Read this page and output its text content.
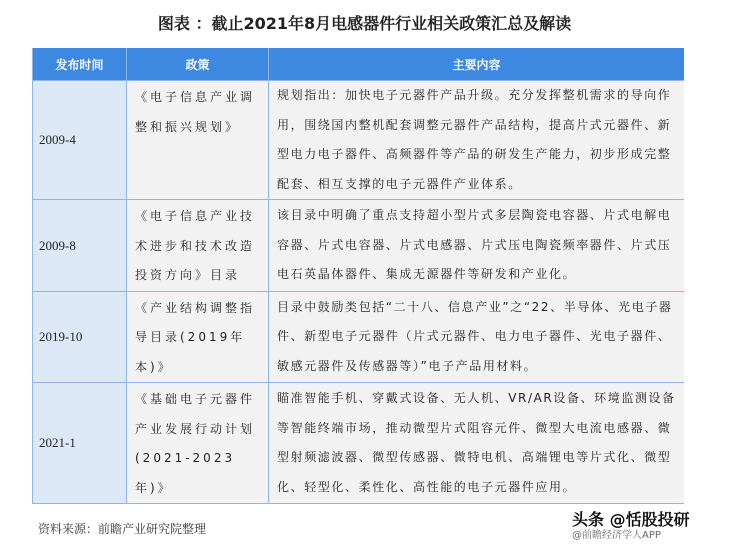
图表 ：截止2021年8月电感器件行业相关政策汇总及解读
发布时间	政策	主要内容
2009-4	《电子信息产业调整和振兴规划》	规划指出：加快电子元器件产品升级。充分发挥整机需求的导向作用，围绕国内整机配套调整元器件产品结构，提高片式元器件、新型电力电子器件、高频器件等产品的研发生产能力，初步形成完整配套、相互支撑的电子元器件产业体系。
2009-8	《电子信息产业技术进步和技术改造投资方向》目录	该目录中明确了重点支持超小型片式多层陶瓷电容器、片式电解电容器、片式电容器、片式电感器、片式压电陶瓷频率器件、片式压电石英晶体器件、集成无源器件等研发和产业化。
2019-10	《产业结构调整指导目录(2019年本)》	目录中鼓励类包括“二十八、信息产业”之“22、半导体、光电子器件、新型电子元器件（片式元器件、电力电子器件、光电子器件、敏感元器件及传感器等）”电子产品用材料。
2021-1	《基础电子元器件产业发展行动计划(2021-2023年)》	瞄准智能手机、穿戴式设备、无人机、VR/AR设备、环境监测设备等智能终端市场，推动微型片式阻容元件、微型大电流电感器、微型射频滤波器、微型传感器、微特电机、高端锂电等片式化、微型化、轻型化、柔性化、高性能的电子元器件应用。
资料来源：前瞻产业研究院整理	头条 @恬股投研
@前瞻经济学人APP
